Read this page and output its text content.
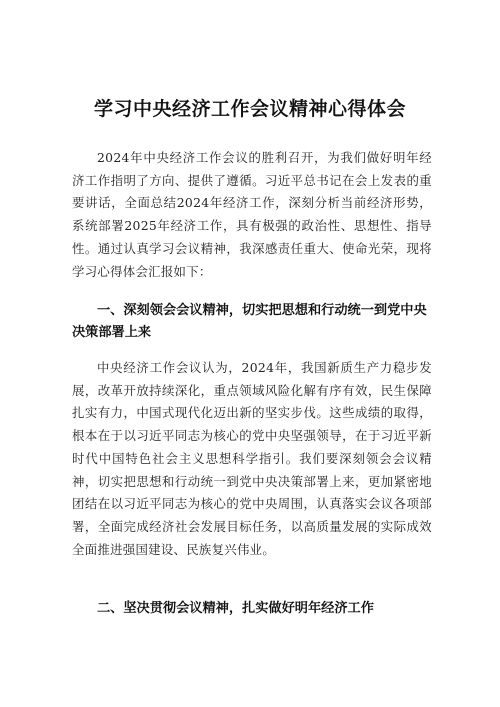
学习中央经济工作会议精神心得体会

2024年中央经济工作会议的胜利召开，为我们做好明年经济工作指明了方向、提供了遵循。习近平总书记在会上发表的重要讲话，全面总结2024年经济工作，深刻分析当前经济形势，系统部署2025年经济工作，具有极强的政治性、思想性、指导性。通过认真学习会议精神，我深感责任重大、使命光荣，现将学习心得体会汇报如下：

一、深刻领会会议精神，切实把思想和行动统一到党中央决策部署上来

中央经济工作会议认为，2024年，我国新质生产力稳步发展，改革开放持续深化，重点领域风险化解有序有效，民生保障扎实有力，中国式现代化迈出新的坚实步伐。这些成绩的取得，根本在于以习近平同志为核心的党中央坚强领导，在于习近平新时代中国特色社会主义思想科学指引。我们要深刻领会会议精神，切实把思想和行动统一到党中央决策部署上来，更加紧密地团结在以习近平同志为核心的党中央周围，认真落实会议各项部署，全面完成经济社会发展目标任务，以高质量发展的实际成效全面推进强国建设、民族复兴伟业。

二、坚决贯彻会议精神，扎实做好明年经济工作
